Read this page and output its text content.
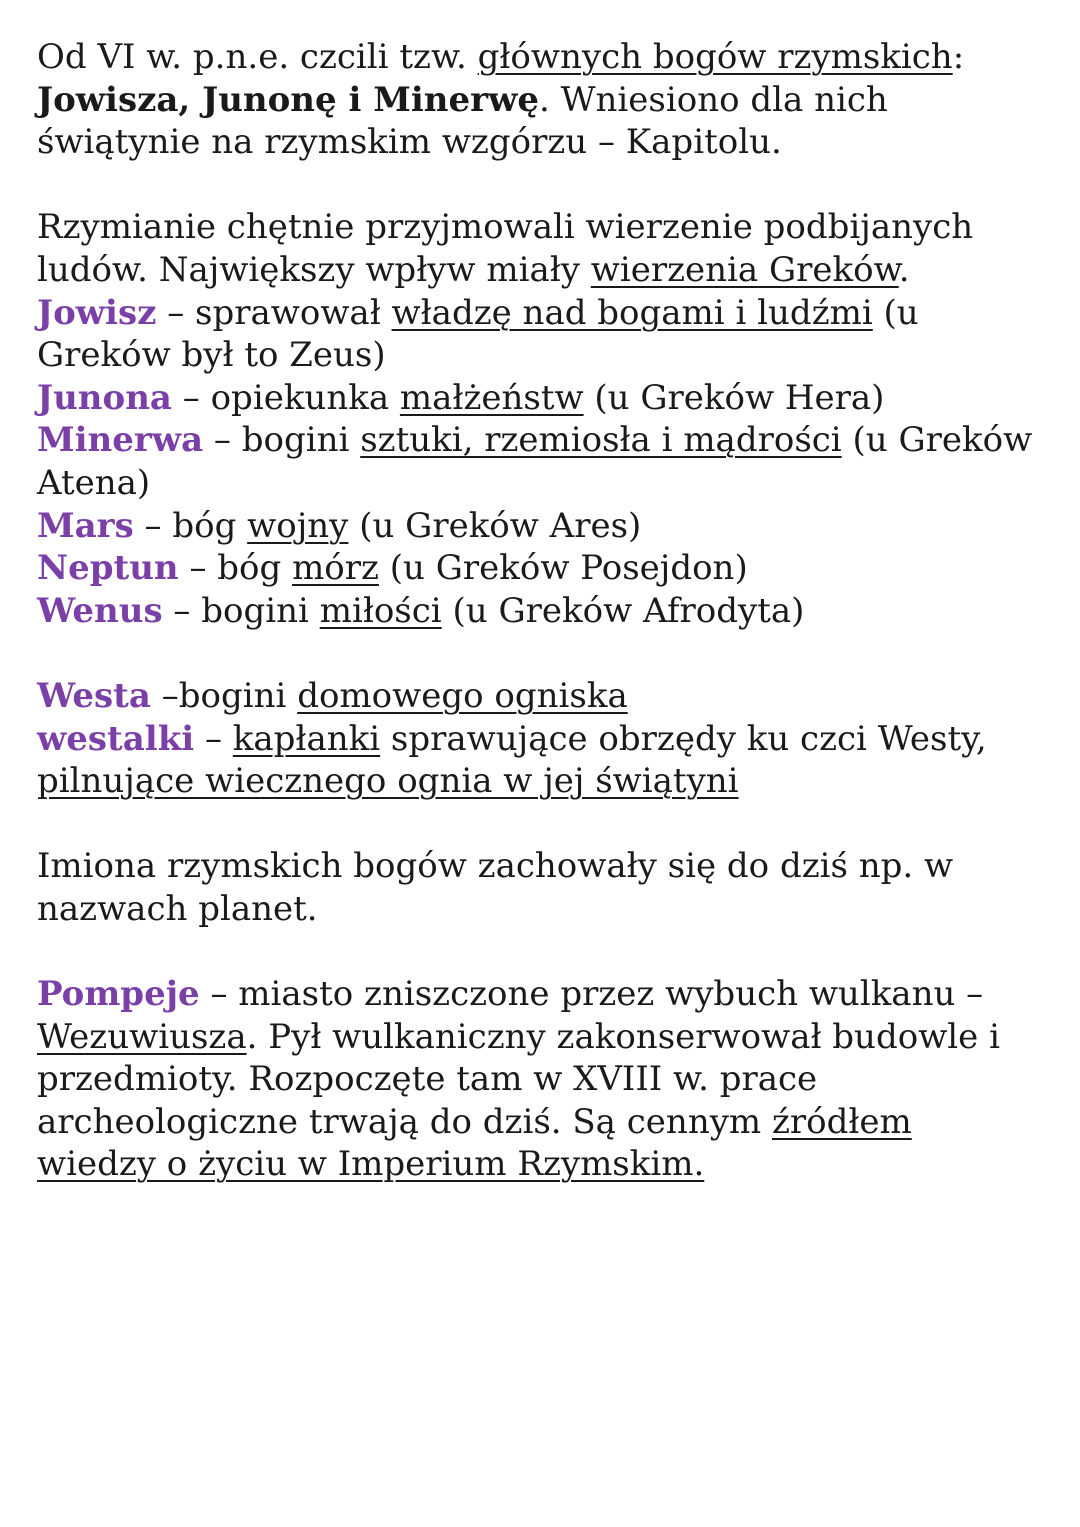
Od VI w. p.n.e. czcili tzw. głównych bogów rzymskich:
Jowisza, Junonę i Minerwę. Wniesiono dla nich świątynie na rzymskim wzgórzu – Kapitolu.

Rzymianie chętnie przyjmowali wierzenie podbijanych ludów. Największy wpływ miały wierzenia Greków.
Jowisz – sprawował władzę nad bogami i ludźmi (u Greków był to Zeus)
Junona – opiekunka małżeństw (u Greków Hera)
Minerwa – bogini sztuki, rzemiosła i mądrości (u Greków Atena)
Mars – bóg wojny (u Greków Ares)
Neptun – bóg mórz (u Greków Posejdon)
Wenus – bogini miłości (u Greków Afrodyta)

Westa –bogini domowego ogniska
westalki – kapłanki sprawujące obrzędy ku czci Westy, pilnujące wiecznego ognia w jej świątyni

Imiona rzymskich bogów zachowały się do dziś np. w nazwach planet.

Pompeje – miasto zniszczone przez wybuch wulkanu – Wezuwiusza. Pył wulkaniczny zakonserwował budowle i przedmioty. Rozpoczęte tam w XVIII w. prace archeologiczne trwają do dziś. Są cennym źródłem wiedzy o życiu w Imperium Rzymskim.
